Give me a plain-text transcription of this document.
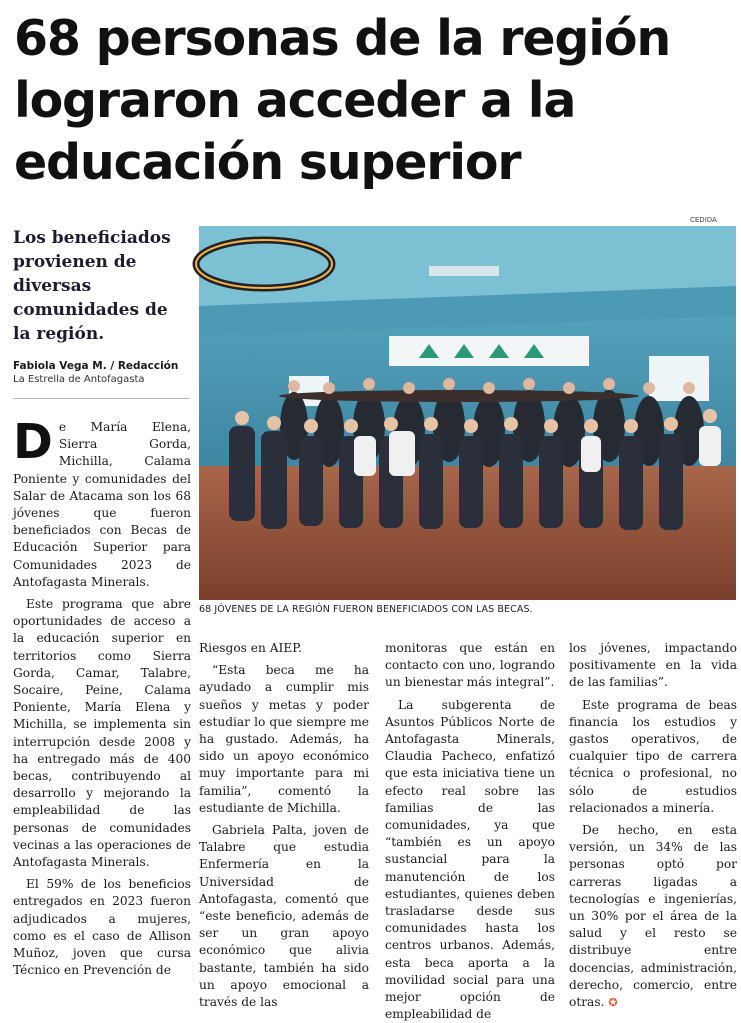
68 personas de la región
lograron acceder a la
educación superior
CEDIDA
68 JÓVENES DE LA REGIÓN FUERON BENEFICIADOS CON LAS BECAS.
Los beneficiados provienen de diversas comunidades de la región.
Fabiola Vega M. / Redacción
La Estrella de Antofagasta

De María Elena, Sierra Gorda, Michilla, Calama Poniente y comunidades del Salar de Atacama son los 68 jóvenes que fueron beneficiados con Becas de Educación Superior para Comunidades 2023 de Antofagasta Minerals.

Este programa que abre oportunidades de acceso a la educación superior en territorios como Sierra Gorda, Camar, Talabre, Socaire, Peine, Calama Poniente, María Elena y Michilla, se implementa sin interrupción desde 2008 y ha entregado más de 400 becas, contribuyendo al desarrollo y mejorando la empleabilidad de las personas de comunidades vecinas a las operaciones de Antofagasta Minerals.

El 59% de los beneficios entregados en 2023 fueron adjudicados a mujeres, como es el caso de Allison Muñoz, joven que cursa Técnico en Prevención de

Riesgos en AIEP.

“Esta beca me ha ayudado a cumplir mis sueños y metas y poder estudiar lo que siempre me ha gustado. Además, ha sido un apoyo económico muy importante para mi familia”, comentó la estudiante de Michilla.

Gabriela Palta, joven de Talabre que estudia Enfermería en la Universidad de Antofagasta, comentó que “este beneficio, además de ser un gran apoyo económico que alivia bastante, también ha sido un apoyo emocional a través de las

monitoras que están en contacto con uno, logrando un bienestar más integral”.

La subgerenta de Asuntos Públicos Norte de Antofagasta Minerals, Claudia Pacheco, enfatizó que esta iniciativa tiene un efecto real sobre las familias de las comunidades, ya que “también es un apoyo sustancial para la manutención de los estudiantes, quienes deben trasladarse desde sus comunidades hasta los centros urbanos. Además, esta beca aporta a la movilidad social para una mejor opción de empleabilidad de

los jóvenes, impactando positivamente en la vida de las familias”.

Este programa de beas financia los estudios y gastos operativos, de cualquier tipo de carrera técnica o profesional, no sólo de estudios relacionados a minería.

De hecho, en esta versión, un 34% de las personas optó por carreras ligadas a tecnologías e ingenierías, un 30% por el área de la salud y el resto se distribuye entre docencias, administración, derecho, comercio, entre otras. ✪
